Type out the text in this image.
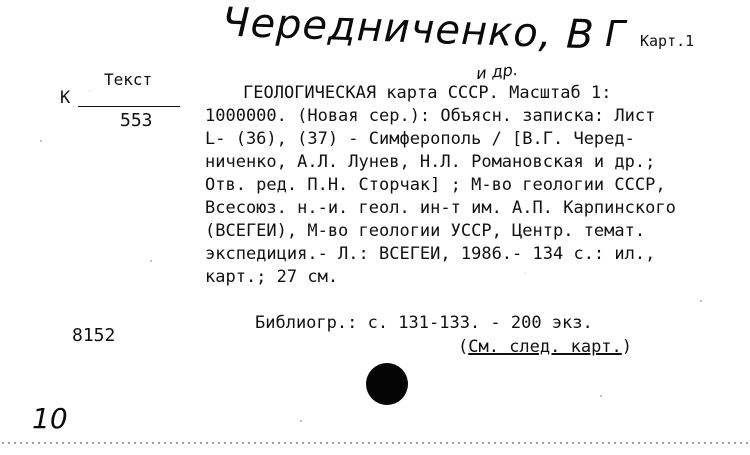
Чередниченко, В
и др.
Г Карт.1
Текст
К
553
8152
ГЕОЛОГИЧЕСКАЯ карта СССР. Масштаб 1:
1000000. (Новая сер.): Объясн. записка: Лист
L- (36), (37) - Симферополь / [В.Г. Черед-
ниченко, А.Л. Лунев, Н.Л. Романовская и др.;
Отв. ред. П.Н. Сторчак] ; М-во геологии СССР,
Всесоюз. н.-и. геол. ин-т им. А.П. Карпинского
(ВСЕГЕИ), М-во геологии УССР, Центр. темат.
экспедиция.- Л.: ВСЕГЕИ, 1986.- 134 с.: ил.,
карт.; 27 см.
Библиогр.: с. 131-133. - 200 экз.
(См. след. карт.)
10
